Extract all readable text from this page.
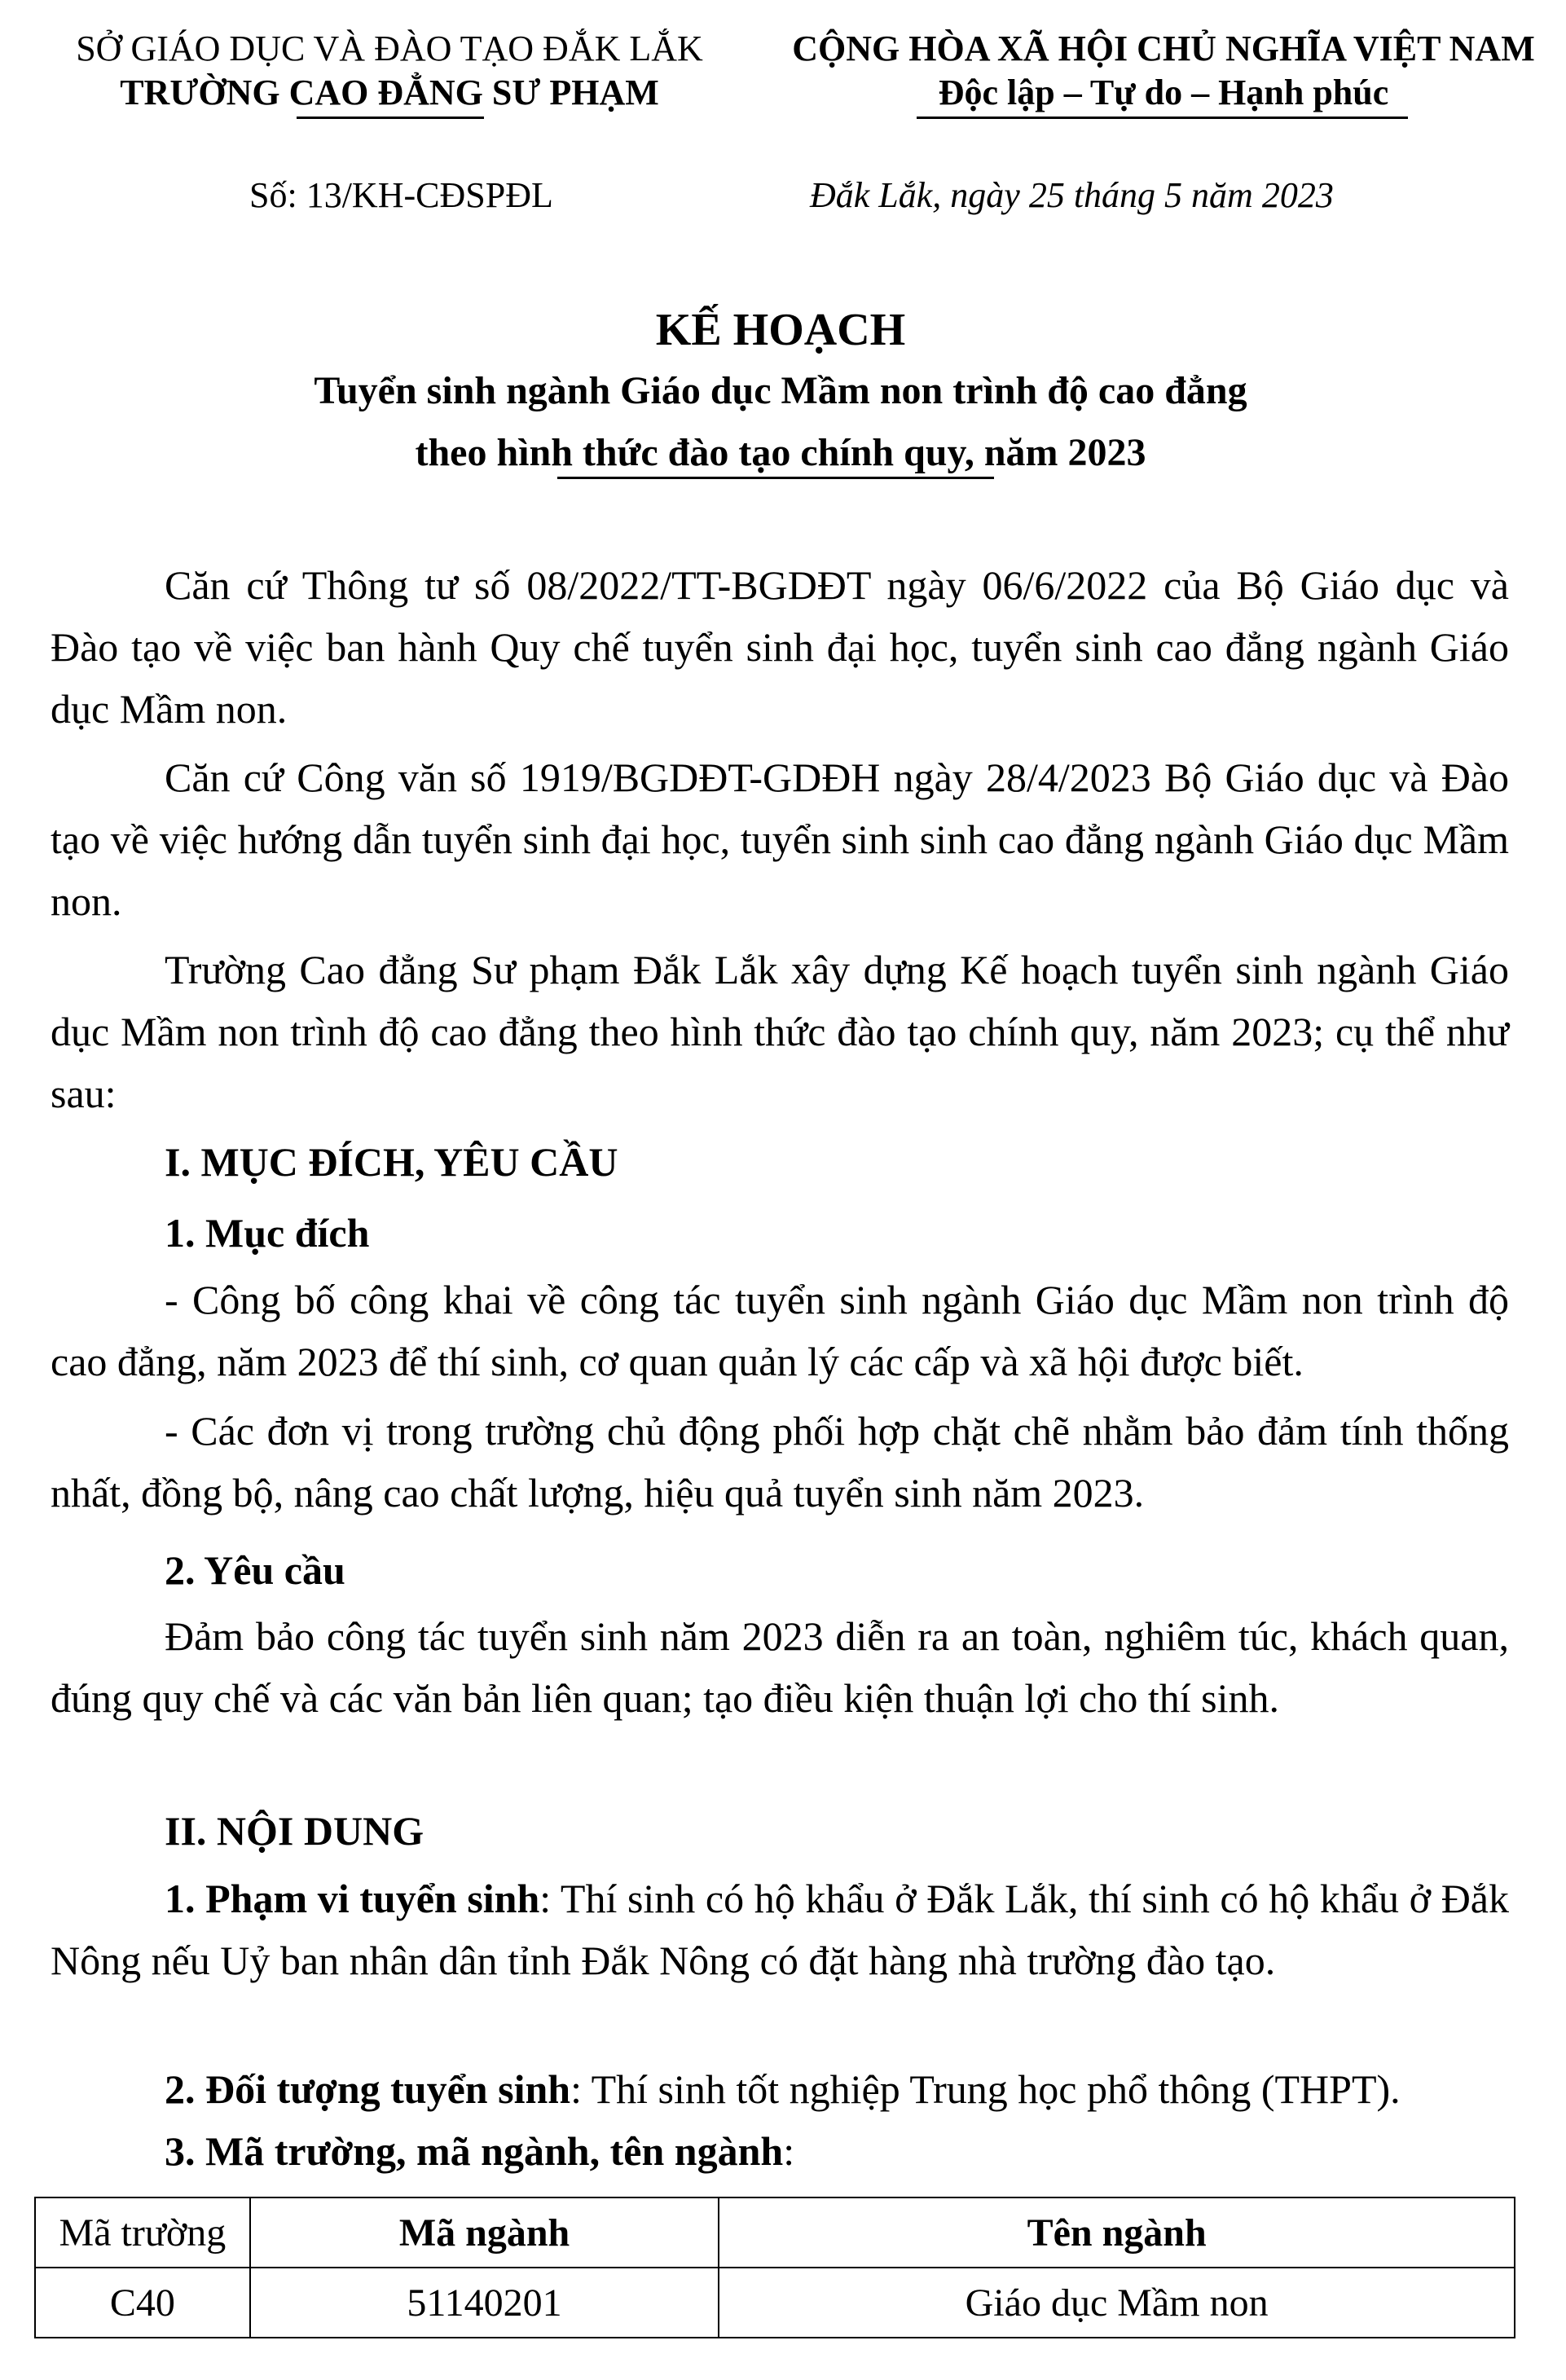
SỞ GIÁO DỤC VÀ ĐÀO TẠO ĐẮK LẮK
TRƯỜNG CAO ĐẲNG SƯ PHẠM
CỘNG HÒA XÃ HỘI CHỦ NGHĨA VIỆT NAM
Độc lập – Tự do – Hạnh phúc
Số: 13/KH-CĐSPĐL	Đắk Lắk, ngày 25 tháng 5 năm 2023
KẾ HOẠCH
Tuyển sinh ngành Giáo dục Mầm non trình độ cao đẳng
theo hình thức đào tạo chính quy, năm 2023
Căn cứ Thông tư số 08/2022/TT-BGDĐT ngày 06/6/2022 của Bộ Giáo dục và Đào tạo về việc ban hành Quy chế tuyển sinh đại học, tuyển sinh cao đẳng ngành Giáo dục Mầm non.
Căn cứ Công văn số 1919/BGDĐT-GDĐH ngày 28/4/2023 Bộ Giáo dục và Đào tạo về việc hướng dẫn tuyển sinh đại học, tuyển sinh sinh cao đẳng ngành Giáo dục Mầm non.
Trường Cao đẳng Sư phạm Đắk Lắk xây dựng Kế hoạch tuyển sinh ngành Giáo dục Mầm non trình độ cao đẳng theo hình thức đào tạo chính quy, năm 2023; cụ thể như sau:
I. MỤC ĐÍCH, YÊU CẦU
1. Mục đích
- Công bố công khai về công tác tuyển sinh ngành Giáo dục Mầm non trình độ cao đẳng, năm 2023 để thí sinh, cơ quan quản lý các cấp và xã hội được biết.
- Các đơn vị trong trường chủ động phối hợp chặt chẽ nhằm bảo đảm tính thống nhất, đồng bộ, nâng cao chất lượng, hiệu quả tuyển sinh năm 2023.
2. Yêu cầu
Đảm bảo công tác tuyển sinh năm 2023 diễn ra an toàn, nghiêm túc, khách quan, đúng quy chế và các văn bản liên quan; tạo điều kiện thuận lợi cho thí sinh.
II. NỘI DUNG
1. Phạm vi tuyển sinh: Thí sinh có hộ khẩu ở Đắk Lắk, thí sinh có hộ khẩu ở Đắk Nông nếu Uỷ ban nhân dân tỉnh Đắk Nông có đặt hàng nhà trường đào tạo.
2. Đối tượng tuyển sinh: Thí sinh tốt nghiệp Trung học phổ thông (THPT).
3. Mã trường, mã ngành, tên ngành:
Mã trường	Mã ngành	Tên ngành
C40	51140201	Giáo dục Mầm non
